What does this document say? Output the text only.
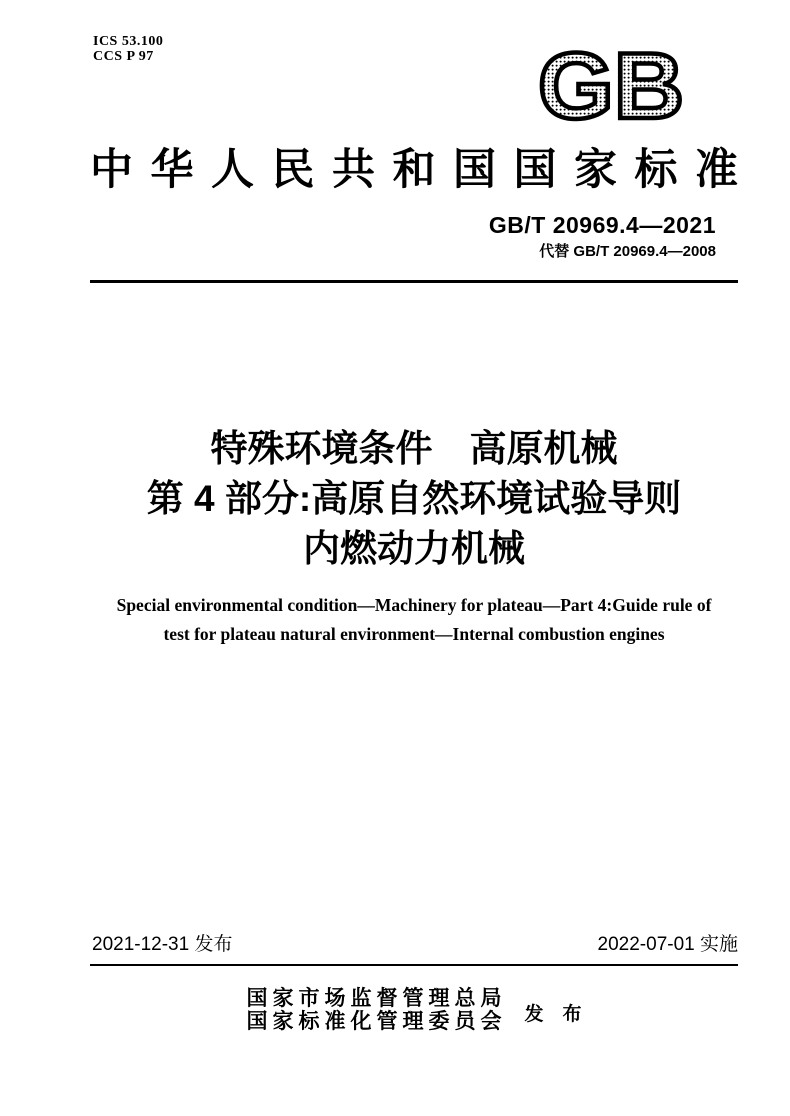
ICS 53.100
CCS P 97	GB
中华人民共和国国家标准
GB/T 20969.4—2021
代替 GB/T 20969.4—2008
特殊环境条件　高原机械
第 4 部分:高原自然环境试验导则
内燃动力机械
Special environmental condition—Machinery for plateau—Part 4:Guide rule of
test for plateau natural environment—Internal combustion engines
2021-12-31 发布	2022-07-01 实施
国家市场监督管理总局
国家标准化管理委员会 发　布
